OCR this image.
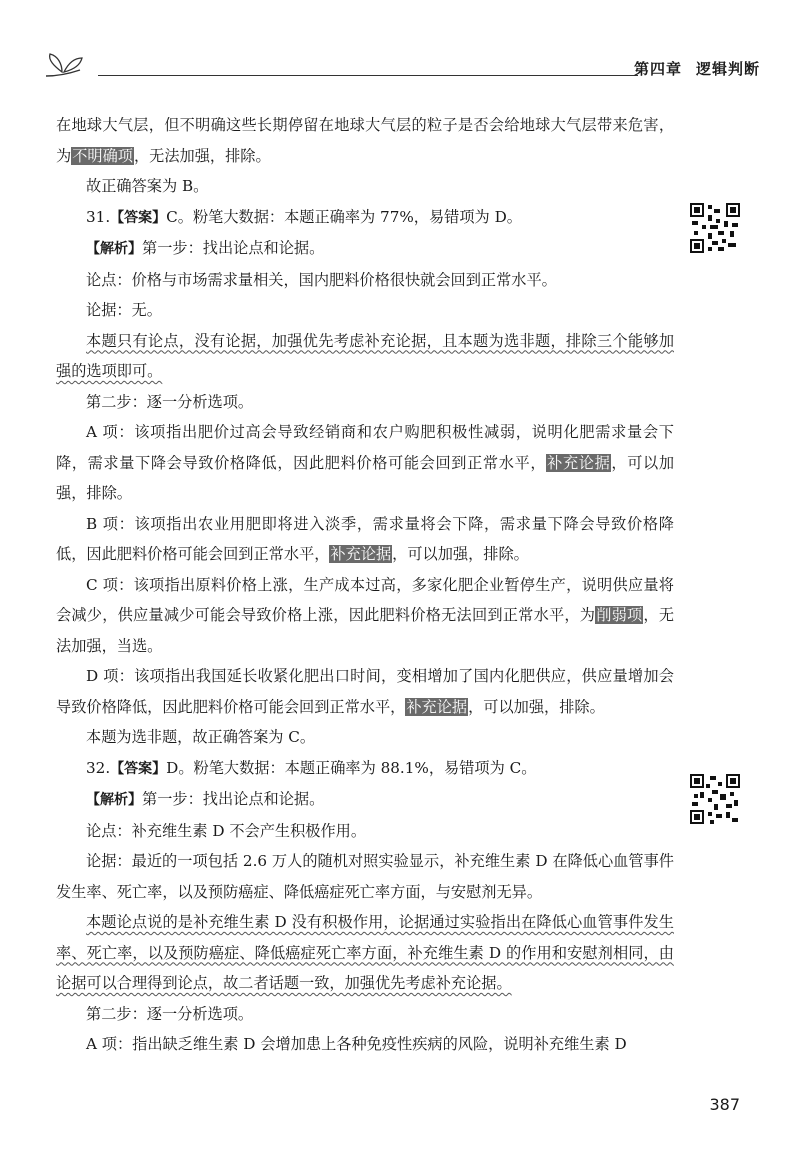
第四章 逻辑判断

在地球大气层，但不明确这些长期停留在地球大气层的粒子是否会给地球大气层带来危害，为不明确项，无法加强，排除。

故正确答案为 B。

31.【答案】C。粉笔大数据：本题正确率为 77%，易错项为 D。

【解析】第一步：找出论点和论据。

论点：价格与市场需求量相关，国内肥料价格很快就会回到正常水平。

论据：无。

本题只有论点，没有论据，加强优先考虑补充论据，且本题为选非题，排除三个能够加强的选项即可。

第二步：逐一分析选项。

A 项：该项指出肥价过高会导致经销商和农户购肥积极性减弱，说明化肥需求量会下降，需求量下降会导致价格降低，因此肥料价格可能会回到正常水平，补充论据，可以加强，排除。

B 项：该项指出农业用肥即将进入淡季，需求量将会下降，需求量下降会导致价格降低，因此肥料价格可能会回到正常水平，补充论据，可以加强，排除。

C 项：该项指出原料价格上涨，生产成本过高，多家化肥企业暂停生产，说明供应量将会减少，供应量减少可能会导致价格上涨，因此肥料价格无法回到正常水平，为削弱项，无法加强，当选。

D 项：该项指出我国延长收紧化肥出口时间，变相增加了国内化肥供应，供应量增加会导致价格降低，因此肥料价格可能会回到正常水平，补充论据，可以加强，排除。

本题为选非题，故正确答案为 C。

32.【答案】D。粉笔大数据：本题正确率为 88.1%，易错项为 C。

【解析】第一步：找出论点和论据。

论点：补充维生素 D 不会产生积极作用。

论据：最近的一项包括 2.6 万人的随机对照实验显示，补充维生素 D 在降低心血管事件发生率、死亡率，以及预防癌症、降低癌症死亡率方面，与安慰剂无异。

本题论点说的是补充维生素 D 没有积极作用，论据通过实验指出在降低心血管事件发生率、死亡率，以及预防癌症、降低癌症死亡率方面，补充维生素 D 的作用和安慰剂相同，由论据可以合理得到论点，故二者话题一致，加强优先考虑补充论据。

第二步：逐一分析选项。

A 项：指出缺乏维生素 D 会增加患上各种免疫性疾病的风险，说明补充维生素 D

387
